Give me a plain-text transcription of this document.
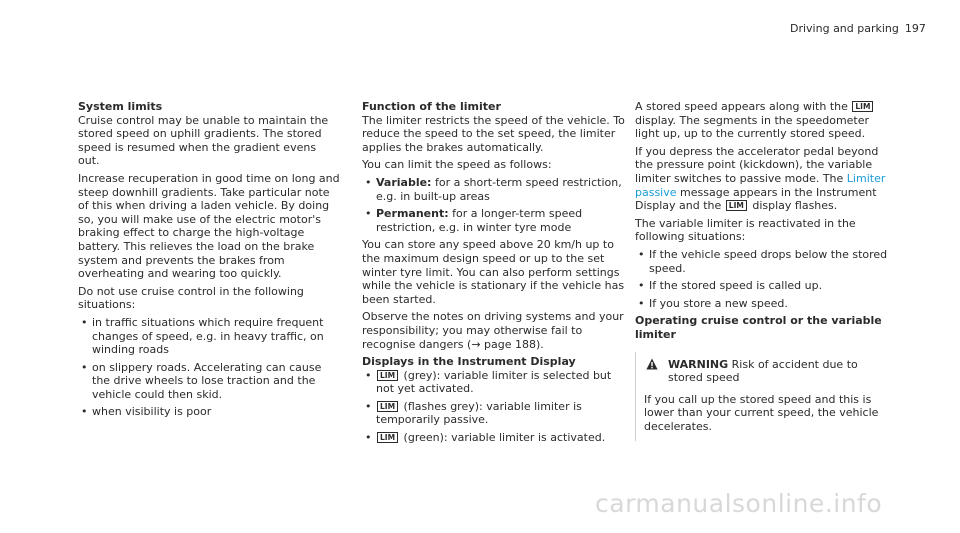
Driving and parking 197
System limits

Cruise control may be unable to maintain the stored speed on uphill gradients. The stored speed is resumed when the gradient evens out.

Increase recuperation in good time on long and steep downhill gradients. Take particular note of this when driving a laden vehicle. By doing so, you will make use of the electric motor's braking effect to charge the high-voltage battery. This relieves the load on the brake system and prevents the brakes from overheating and wearing too quickly.

Do not use cruise control in the following situations:

• in traffic situations which require frequent changes of speed, e.g. in heavy traffic, on winding roads
• on slippery roads. Accelerating can cause the drive wheels to lose traction and the vehicle could then skid.
• when visibility is poor
Function of the limiter

The limiter restricts the speed of the vehicle. To reduce the speed to the set speed, the limiter applies the brakes automatically.

You can limit the speed as follows:

• Variable: for a short-term speed restriction, e.g. in built-up areas
• Permanent: for a longer-term speed restriction, e.g. in winter tyre mode

You can store any speed above 20 km/h up to the maximum design speed or up to the set winter tyre limit. You can also perform settings while the vehicle is stationary if the vehicle has been started.

Observe the notes on driving systems and your responsibility; you may otherwise fail to recognise dangers (→ page 188).

Displays in the Instrument Display
• LIM (grey): variable limiter is selected but not yet activated.
• LIM (flashes grey): variable limiter is temporarily passive.
• LIM (green): variable limiter is activated.

A stored speed appears along with the LIM display. The segments in the speedometer light up, up to the currently stored speed.

If you depress the accelerator pedal beyond the pressure point (kickdown), the variable limiter switches to passive mode. The Limiter passive message appears in the Instrument Display and the LIM display flashes.

The variable limiter is reactivated in the following situations:

• If the vehicle speed drops below the stored speed.
• If the stored speed is called up.
• If you store a new speed.
Operating cruise control or the variable limiter
WARNING Risk of accident due to stored speed
If you call up the stored speed and this is lower than your current speed, the vehicle decelerates.
carmanualsonline.info
